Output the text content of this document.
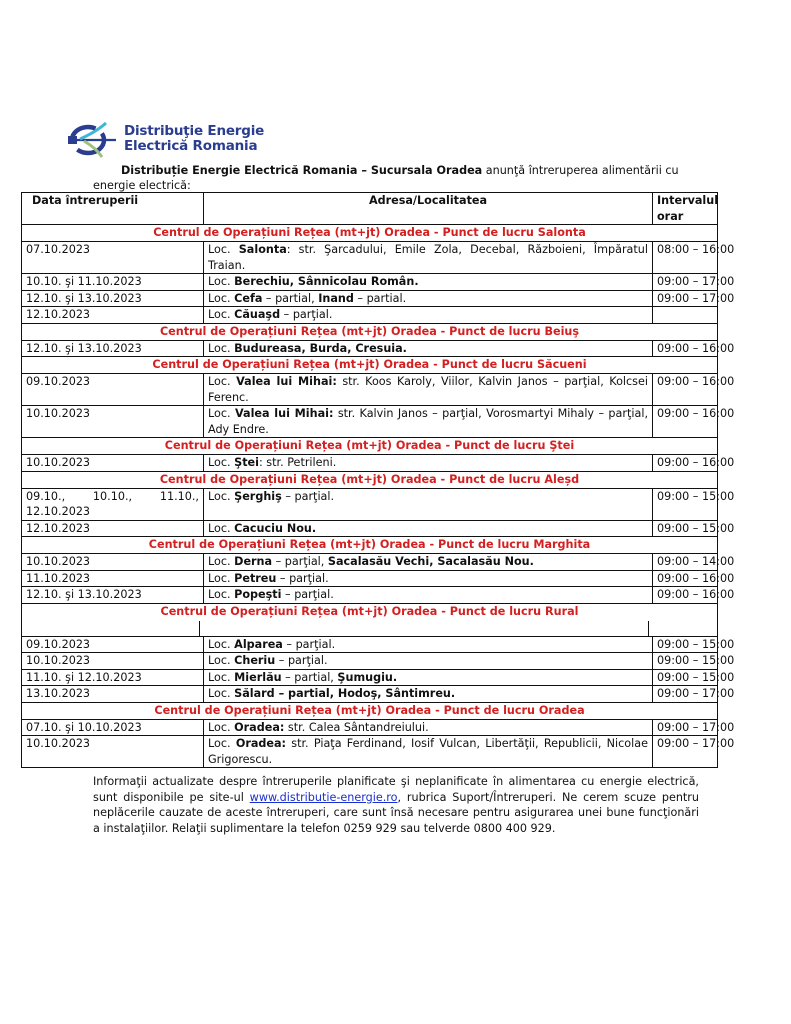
Distribuţie Energie
Electrică Romania
Distribuție Energie Electrică Romania – Sucursala Oradea anunţă întreruperea alimentării cu energie electrică:
Data întreruperii	Adresa/Localitatea	Intervalul orar
Centrul de Operațiuni Rețea (mt+jt) Oradea - Punct de lucru Salonta		
07.10.2023	Loc. Salonta: str. Şarcadului, Emile Zola, Decebal, Războieni, Împăratul Traian.	08:00 – 16:00
10.10. şi 11.10.2023	Loc. Berechiu, Sânnicolau Român.	09:00 – 17:00
12.10. şi 13.10.2023	Loc. Cefa – partial, Inand – partial.	09:00 – 17:00
12.10.2023	Loc. Căuaşd – parţial.	
Centrul de Operațiuni Rețea (mt+jt) Oradea - Punct de lucru Beiuş		
12.10. şi 13.10.2023	Loc. Budureasa, Burda, Cresuia.	09:00 – 16:00
Centrul de Operațiuni Rețea (mt+jt) Oradea - Punct de lucru Săcueni		
09.10.2023	Loc. Valea lui Mihai: str. Koos Karoly, Viilor, Kalvin Janos – parţial, Kolcsei Ferenc.	09:00 – 16:00
10.10.2023	Loc. Valea lui Mihai: str. Kalvin Janos – parţial, Vorosmartyi Mihaly – parţial, Ady Endre.	09:00 – 16:00
Centrul de Operațiuni Rețea (mt+jt) Oradea - Punct de lucru Ştei		
10.10.2023	Loc. Ştei: str. Petrileni.	09:00 – 16:00
Centrul de Operațiuni Rețea (mt+jt) Oradea - Punct de lucru Aleșd		
09.10.,      10.10.,      11.10., 12.10.2023	Loc. Şerghiş – parţial.	09:00 – 15:00
12.10.2023	Loc. Cacuciu Nou.	09:00 – 15:00
Centrul de Operațiuni Rețea (mt+jt) Oradea - Punct de lucru Marghita		
10.10.2023	Loc. Derna – parţial, Sacalasău Vechi, Sacalasău Nou.	09:00 – 14:00
11.10.2023	Loc. Petreu – parţial.	09:00 – 16:00
12.10. şi 13.10.2023	Loc. Popeşti – parţial.	09:00 – 16:00
Centrul de Operațiuni Rețea (mt+jt) Oradea - Punct de lucru Rural		

09.10.2023	Loc. Alparea – parţial.	09:00 – 15:00
10.10.2023	Loc. Cheriu – parţial.	09:00 – 15:00
11.10. şi 12.10.2023	Loc. Mierlău – partial, Şumugiu.	09:00 – 15:00
13.10.2023	Loc. Sălard – partial, Hodoş, Sântimreu.	09:00 – 17:00
Centrul de Operațiuni Rețea (mt+jt) Oradea - Punct de lucru Oradea		
07.10. şi 10.10.2023	Loc. Oradea: str. Calea Sântandreiului.	09:00 – 17:00
10.10.2023	Loc. Oradea: str. Piaţa Ferdinand, Iosif Vulcan, Libertăţii, Republicii, Nicolae Grigorescu.	09:00 – 17:00
Informaţii actualizate despre întreruperile planificate şi neplanificate în alimentarea cu energie electrică, sunt disponibile pe site-ul www.distributie-energie.ro, rubrica Suport/Întreruperi. Ne cerem scuze pentru neplăcerile cauzate de aceste întreruperi, care sunt însă necesare pentru asigurarea unei bune funcţionări a instalaţiilor. Relaţii suplimentare la telefon 0259 929 sau telverde 0800 400 929.
